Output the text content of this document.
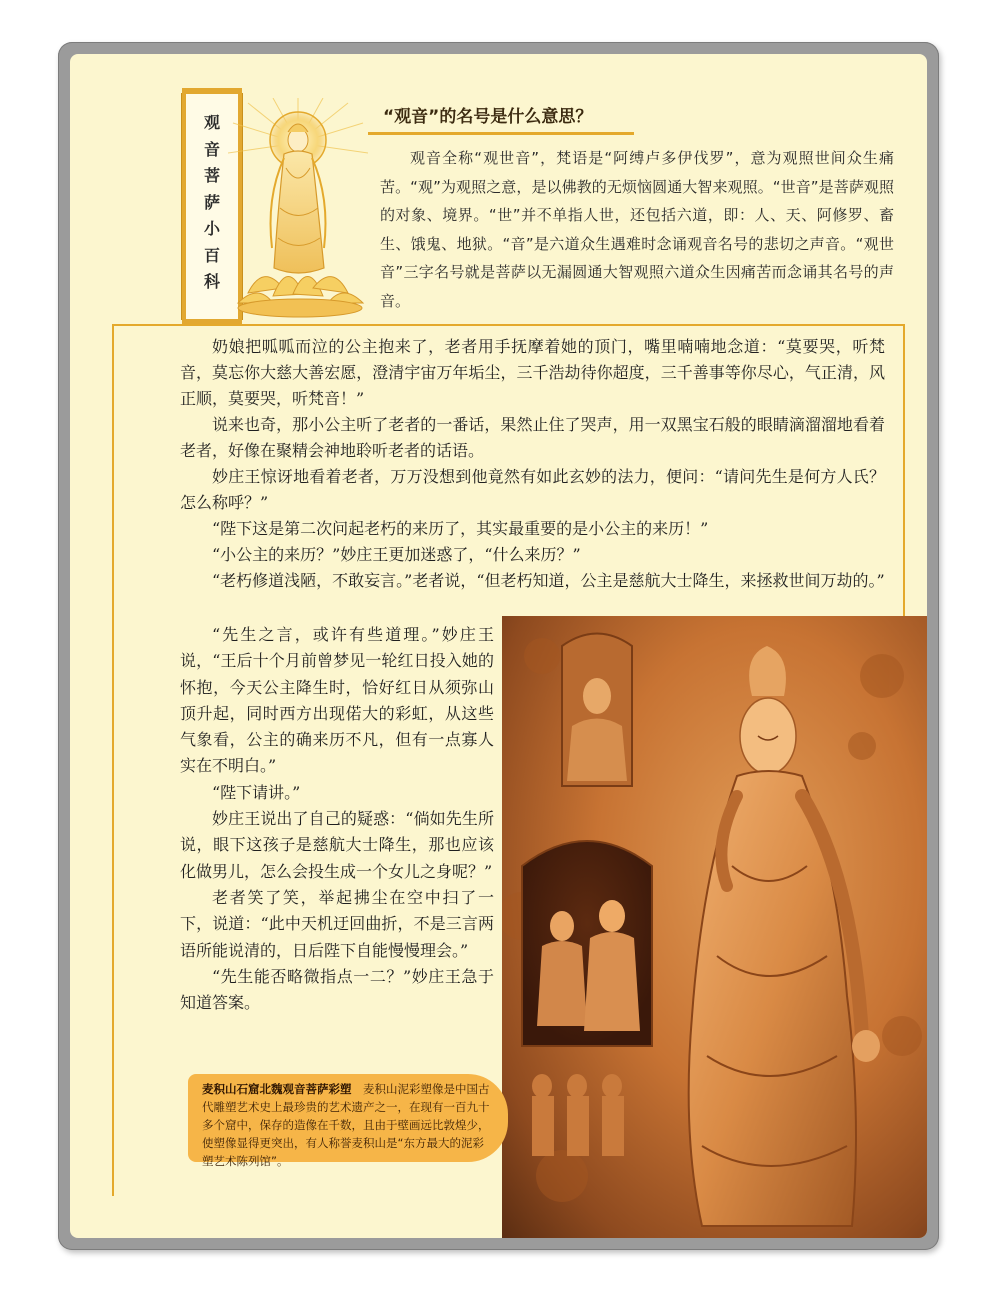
观
音
菩
萨
小
百
科
“观音”的名号是什么意思？
观音全称“观世音”，梵语是“阿缚卢多伊伐罗”，意为观照世间众生痛苦。“观”为观照之意，是以佛教的无烦恼圆通大智来观照。“世音”是菩萨观照的对象、境界。“世”并不单指人世，还包括六道，即：人、天、阿修罗、畜生、饿鬼、地狱。“音”是六道众生遇难时念诵观音名号的悲切之声音。“观世音”三字名号就是菩萨以无漏圆通大智观照六道众生因痛苦而念诵其名号的声音。

奶娘把呱呱而泣的公主抱来了，老者用手抚摩着她的顶门，嘴里喃喃地念道：“莫要哭，听梵音，莫忘你大慈大善宏愿，澄清宇宙万年垢尘，三千浩劫待你超度，三千善事等你尽心，气正清，风正顺，莫要哭，听梵音！”

说来也奇，那小公主听了老者的一番话，果然止住了哭声，用一双黑宝石般的眼睛滴溜溜地看着老者，好像在聚精会神地聆听老者的话语。

妙庄王惊讶地看着老者，万万没想到他竟然有如此玄妙的法力，便问：“请问先生是何方人氏？怎么称呼？”

“陛下这是第二次问起老朽的来历了，其实最重要的是小公主的来历！”

“小公主的来历？”妙庄王更加迷惑了，“什么来历？”

“老朽修道浅陋，不敢妄言。”老者说，“但老朽知道，公主是慈航大士降生，来拯救世间万劫的。”

“先生之言，或许有些道理。”妙庄王说，“王后十个月前曾梦见一轮红日投入她的怀抱，今天公主降生时，恰好红日从须弥山顶升起，同时西方出现偌大的彩虹，从这些气象看，公主的确来历不凡，但有一点寡人实在不明白。”

“陛下请讲。”

妙庄王说出了自己的疑惑：“倘如先生所说，眼下这孩子是慈航大士降生，那也应该化做男儿，怎么会投生成一个女儿之身呢？”

老者笑了笑，举起拂尘在空中扫了一下，说道：“此中天机迂回曲折，不是三言两语所能说清的，日后陛下自能慢慢理会。”

“先生能否略微指点一二？”妙庄王急于知道答案。

麦积山石窟北魏观音菩萨彩塑  麦积山泥彩塑像是中国古代雕塑艺术史上最珍贵的艺术遗产之一，在现有一百九十多个窟中，保存的造像在千数，且由于壁画远比敦煌少，使塑像显得更突出，有人称誉麦积山是“东方最大的泥彩塑艺术陈列馆”。
